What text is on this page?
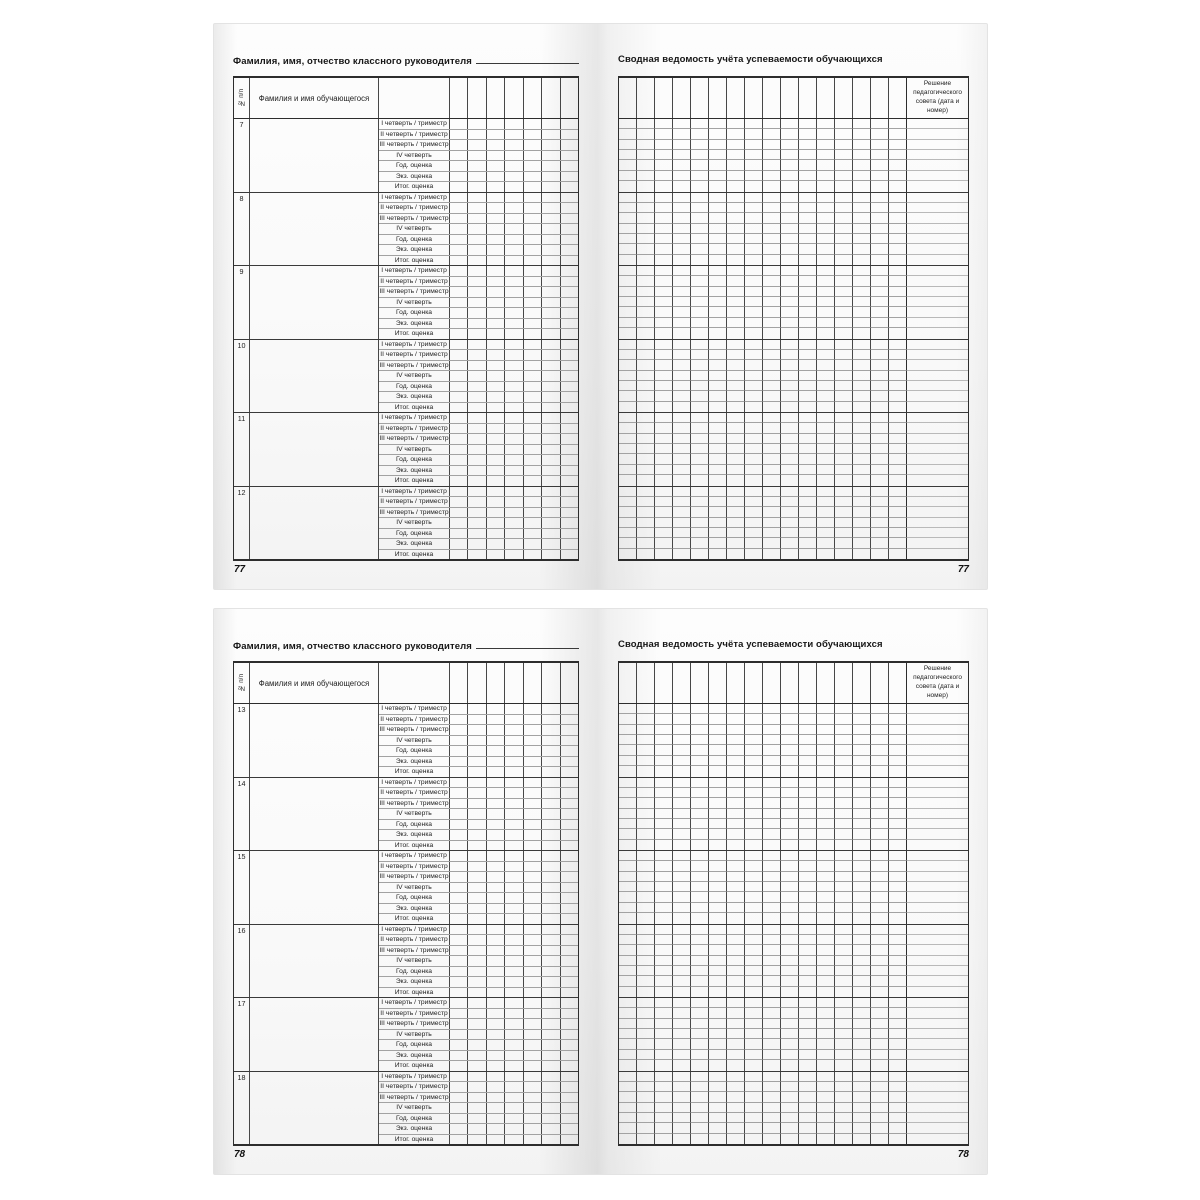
Фамилия, имя, отчество классного руководителя	Сводная ведомость учёта успеваемости обучающихся
№ п/п	Фамилия и имя обучающегося
7	I четверть / триместр
II четверть / триместр
III четверть / триместр
IV четверть
Год. оценка
Экз. оценка
Итог. оценка
8	I четверть / триместр
II четверть / триместр
III четверть / триместр
IV четверть
Год. оценка
Экз. оценка
Итог. оценка
9	I четверть / триместр
II четверть / триместр
III четверть / триместр
IV четверть
Год. оценка
Экз. оценка
Итог. оценка
10	I четверть / триместр
II четверть / триместр
III четверть / триместр
IV четверть
Год. оценка
Экз. оценка
Итог. оценка
11	I четверть / триместр
II четверть / триместр
III четверть / триместр
IV четверть
Год. оценка
Экз. оценка
Итог. оценка
12	I четверть / триместр
II четверть / триместр
III четверть / триместр
IV четверть
Год. оценка
Экз. оценка
Итог. оценка
Решение педагогического совета (дата и номер)
77	77
Фамилия, имя, отчество классного руководителя	Сводная ведомость учёта успеваемости обучающихся
№ п/п	Фамилия и имя обучающегося
13	I четверть / триместр
II четверть / триместр
III четверть / триместр
IV четверть
Год. оценка
Экз. оценка
Итог. оценка
14	I четверть / триместр
II четверть / триместр
III четверть / триместр
IV четверть
Год. оценка
Экз. оценка
Итог. оценка
15	I четверть / триместр
II четверть / триместр
III четверть / триместр
IV четверть
Год. оценка
Экз. оценка
Итог. оценка
16	I четверть / триместр
II четверть / триместр
III четверть / триместр
IV четверть
Год. оценка
Экз. оценка
Итог. оценка
17	I четверть / триместр
II четверть / триместр
III четверть / триместр
IV четверть
Год. оценка
Экз. оценка
Итог. оценка
18	I четверть / триместр
II четверть / триместр
III четверть / триместр
IV четверть
Год. оценка
Экз. оценка
Итог. оценка
Решение педагогического совета (дата и номер)
78	78
